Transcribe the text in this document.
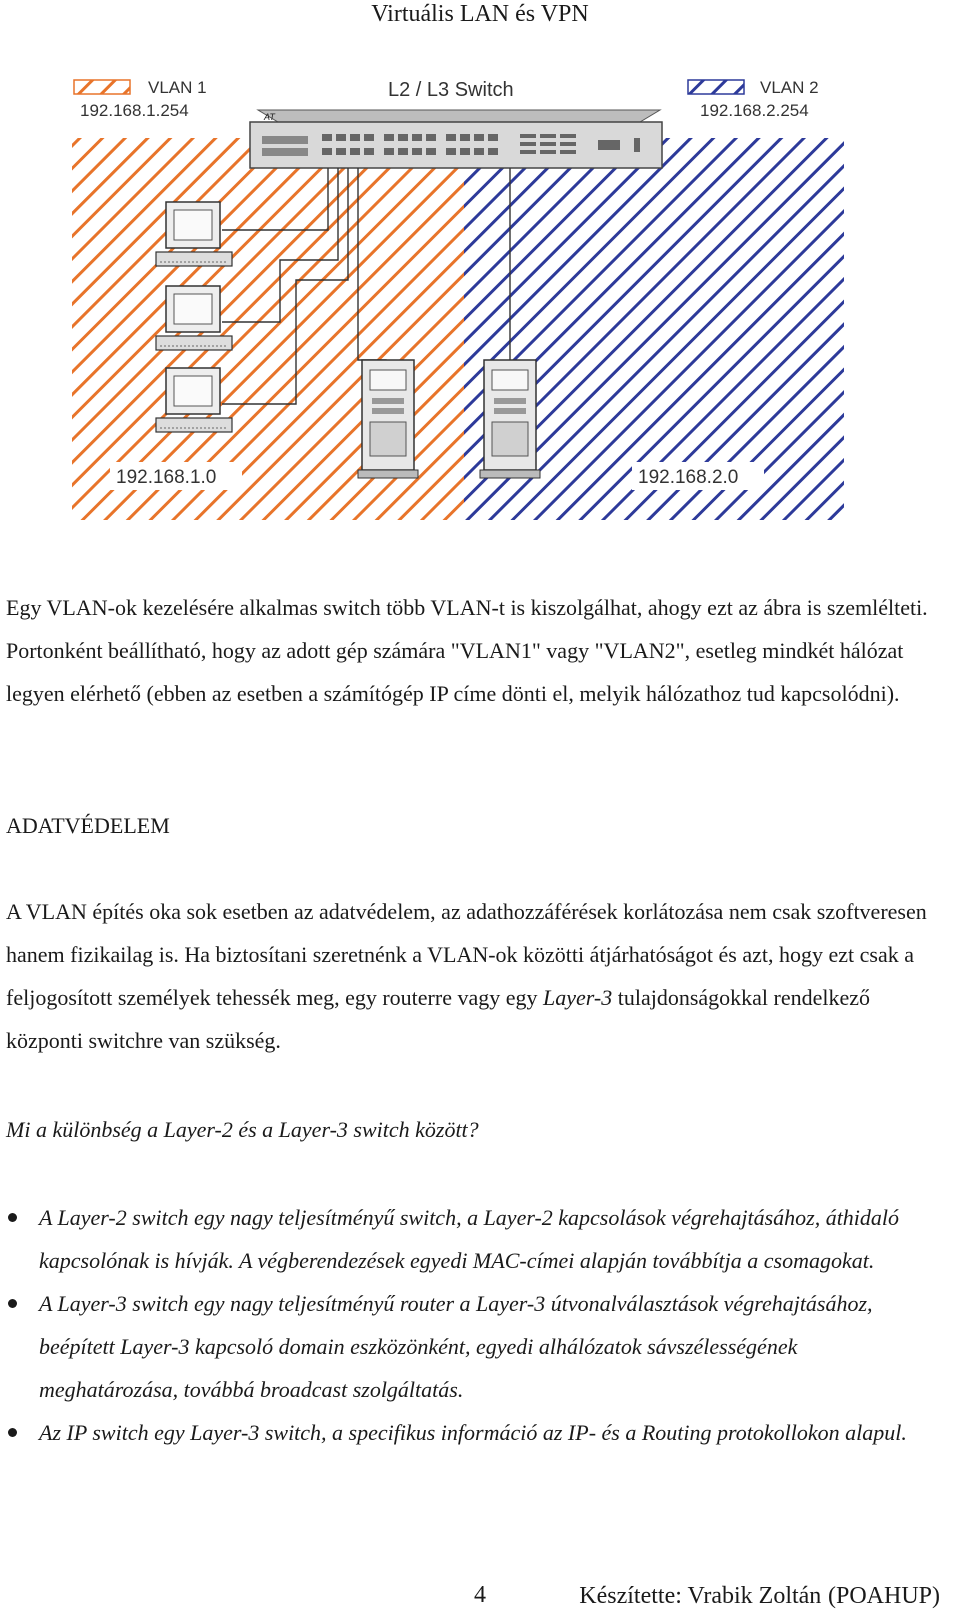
Virtuális LAN és VPN
VLAN 1
192.168.1.254
VLAN 2
192.168.2.254
L2 / L3 Switch
AT
192.168.1.0	192.168.2.0
Egy VLAN-ok kezelésére alkalmas switch több VLAN-t is kiszolgálhat, ahogy ezt az ábra is szemlélteti. Portonként beállítható, hogy az adott gép számára "VLAN1" vagy "VLAN2", esetleg mindkét hálózat legyen elérhető (ebben az esetben a számítógép IP címe dönti el, melyik hálózathoz tud kapcsolódni).
ADATVÉDELEM
A VLAN építés oka sok esetben az adatvédelem, az adathozzáférések korlátozása nem csak szoftveresen hanem fizikailag is. Ha biztosítani szeretnénk a VLAN-ok közötti átjárhatóságot és azt, hogy ezt csak a feljogosított személyek tehessék meg, egy routerre vagy egy Layer-3 tulajdonságokkal rendelkező központi switchre van szükség.
Mi a különbség a Layer-2 és a Layer-3 switch között?
A Layer-2 switch egy nagy teljesítményű switch, a Layer-2 kapcsolások végrehajtásához, áthidaló kapcsolónak is hívják. A végberendezések egyedi MAC-címei alapján továbbítja a csomagokat.
A Layer-3 switch egy nagy teljesítményű router a Layer-3 útvonalválasztások végrehajtásához, beépített Layer-3 kapcsoló domain eszközönként, egyedi alhálózatok sávszélességének meghatározása, továbbá broadcast szolgáltatás.
Az IP switch egy Layer-3 switch, a specifikus információ az IP- és a Routing protokollokon alapul.
4	Készítette: Vrabik Zoltán (POAHUP)
